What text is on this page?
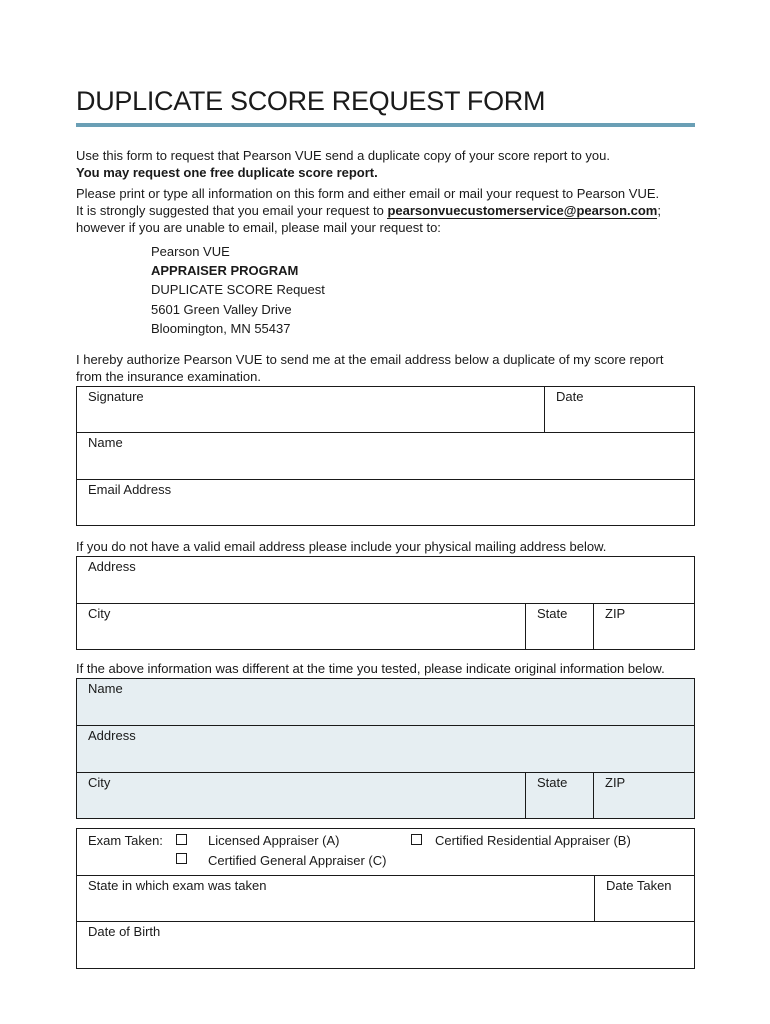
DUPLICATE SCORE REQUEST FORM
Use this form to request that Pearson VUE send a duplicate copy of your score report to you.
You may request one free duplicate score report.
Please print or type all information on this form and either email or mail your request to Pearson VUE.
It is strongly suggested that you email your request to pearsonvuecustomerservice@pearson.com;
however if you are unable to email, please mail your request to:
Pearson VUE
APPRAISER PROGRAM
DUPLICATE SCORE Request
5601 Green Valley Drive
Bloomington, MN 55437
I hereby authorize Pearson VUE to send me at the email address below a duplicate of my score report
from the insurance examination.
Signature	Date
Name
Email Address
If you do not have a valid email address please include your physical mailing address below.
Address
City	State	ZIP
If the above information was different at the time you tested, please indicate original information below.
Name
Address
City	State	ZIP
Exam Taken:	Licensed Appraiser (A)	Certified Residential Appraiser (B)
Certified General Appraiser (C)
State in which exam was taken	Date Taken
Date of Birth
